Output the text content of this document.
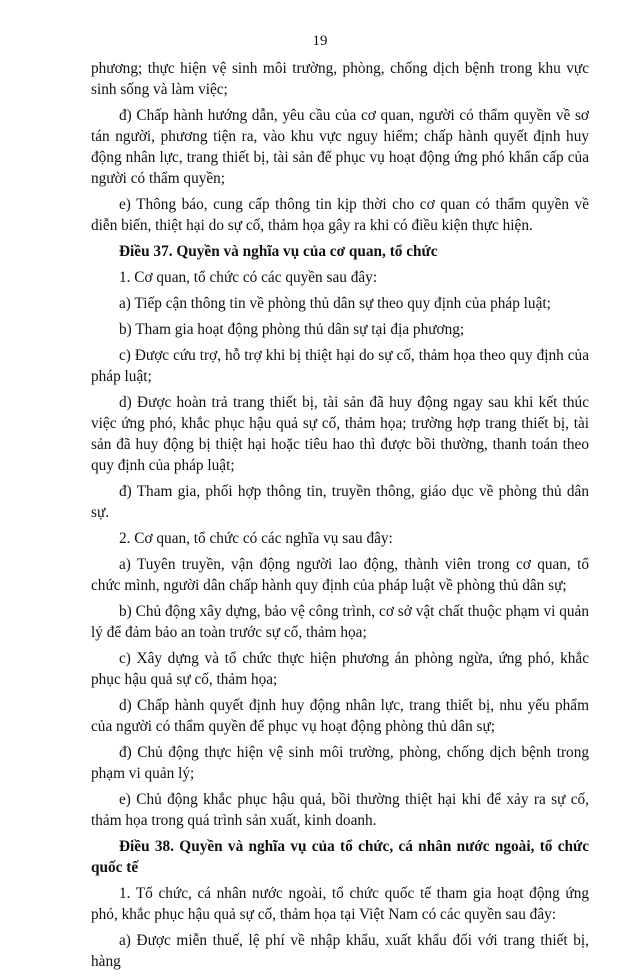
19

phương; thực hiện vệ sinh môi trường, phòng, chống dịch bệnh trong khu vực sinh sống và làm việc;

đ) Chấp hành hướng dẫn, yêu cầu của cơ quan, người có thẩm quyền về sơ tán người, phương tiện ra, vào khu vực nguy hiểm; chấp hành quyết định huy động nhân lực, trang thiết bị, tài sản để phục vụ hoạt động ứng phó khẩn cấp của người có thẩm quyền;

e) Thông báo, cung cấp thông tin kịp thời cho cơ quan có thẩm quyền về diễn biến, thiệt hại do sự cố, thảm họa gây ra khi có điều kiện thực hiện.

Điều 37. Quyền và nghĩa vụ của cơ quan, tổ chức

1. Cơ quan, tổ chức có các quyền sau đây:

a) Tiếp cận thông tin về phòng thủ dân sự theo quy định của pháp luật;

b) Tham gia hoạt động phòng thủ dân sự tại địa phương;

c) Được cứu trợ, hỗ trợ khi bị thiệt hại do sự cố, thảm họa theo quy định của pháp luật;

d) Được hoàn trả trang thiết bị, tài sản đã huy động ngay sau khi kết thúc việc ứng phó, khắc phục hậu quả sự cố, thảm họa; trường hợp trang thiết bị, tài sản đã huy động bị thiệt hại hoặc tiêu hao thì được bồi thường, thanh toán theo quy định của pháp luật;

đ) Tham gia, phối hợp thông tin, truyền thông, giáo dục về phòng thủ dân sự.

2. Cơ quan, tổ chức có các nghĩa vụ sau đây:

a) Tuyên truyền, vận động người lao động, thành viên trong cơ quan, tổ chức mình, người dân chấp hành quy định của pháp luật về phòng thủ dân sự;

b) Chủ động xây dựng, bảo vệ công trình, cơ sở vật chất thuộc phạm vi quản lý để đảm bảo an toàn trước sự cố, thảm họa;

c) Xây dựng và tổ chức thực hiện phương án phòng ngừa, ứng phó, khắc phục hậu quả sự cố, thảm họa;

d) Chấp hành quyết định huy động nhân lực, trang thiết bị, nhu yếu phẩm của người có thẩm quyền để phục vụ hoạt động phòng thủ dân sự;

đ) Chủ động thực hiện vệ sinh môi trường, phòng, chống dịch bệnh trong phạm vi quản lý;

e) Chủ động khắc phục hậu quả, bồi thường thiệt hại khi để xảy ra sự cố, thảm họa trong quá trình sản xuất, kinh doanh.

Điều 38. Quyền và nghĩa vụ của tổ chức, cá nhân nước ngoài, tổ chức quốc tế

1. Tổ chức, cá nhân nước ngoài, tổ chức quốc tế tham gia hoạt động ứng phó, khắc phục hậu quả sự cố, thảm họa tại Việt Nam có các quyền sau đây:

a) Được miễn thuế, lệ phí về nhập khẩu, xuất khẩu đối với trang thiết bị, hàng
